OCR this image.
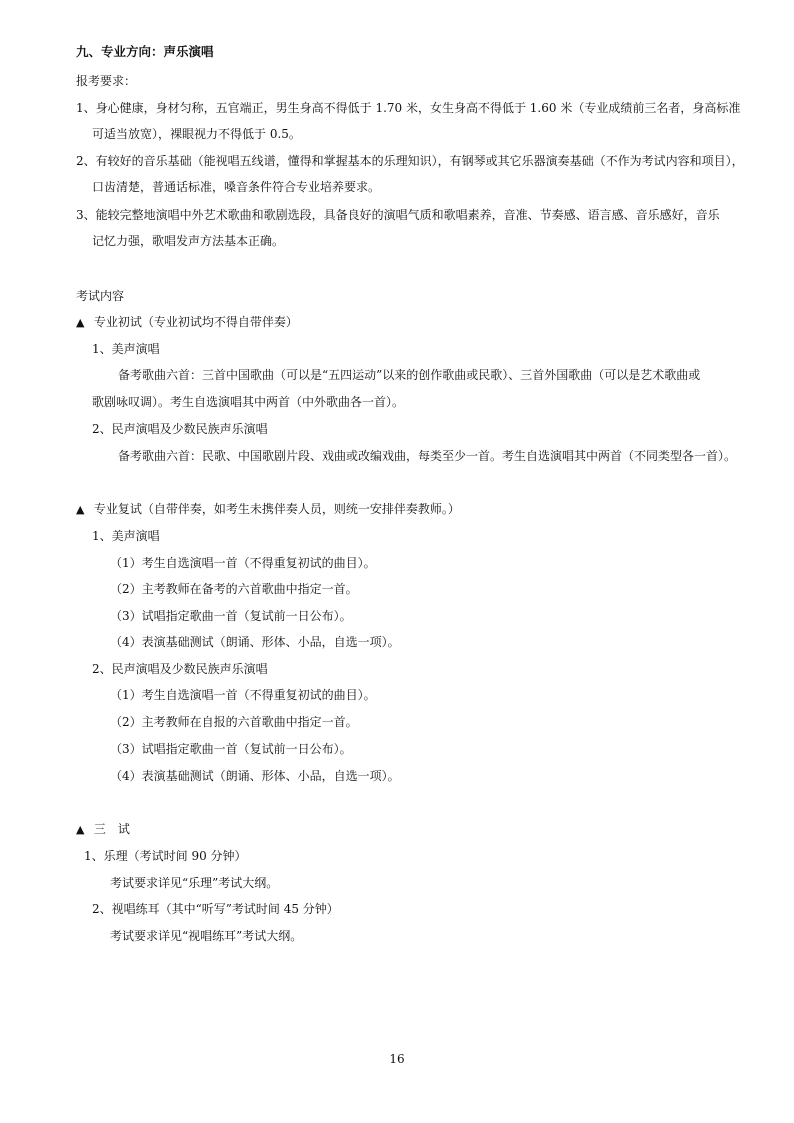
九、专业方向：声乐演唱
报考要求：
1、身心健康，身材匀称，五官端正，男生身高不得低于 1.70 米，女生身高不得低于 1.60 米（专业成绩前三名者，身高标准
可适当放宽），裸眼视力不得低于 0.5。
2、有较好的音乐基础（能视唱五线谱，懂得和掌握基本的乐理知识），有钢琴或其它乐器演奏基础（不作为考试内容和项目），
口齿清楚，普通话标准，嗓音条件符合专业培养要求。
3、能较完整地演唱中外艺术歌曲和歌剧选段，具备良好的演唱气质和歌唱素养，音准、节奏感、语言感、音乐感好，音乐
记忆力强，歌唱发声方法基本正确。
考试内容
▲ 专业初试（专业初试均不得自带伴奏）
1、美声演唱
备考歌曲六首：三首中国歌曲（可以是“五四运动”以来的创作歌曲或民歌）、三首外国歌曲（可以是艺术歌曲或
歌剧咏叹调）。考生自选演唱其中两首（中外歌曲各一首）。
2、民声演唱及少数民族声乐演唱
备考歌曲六首：民歌、中国歌剧片段、戏曲或改编戏曲，每类至少一首。考生自选演唱其中两首（不同类型各一首）。
▲ 专业复试（自带伴奏，如考生未携伴奏人员，则统一安排伴奏教师。）
1、美声演唱
（1）考生自选演唱一首（不得重复初试的曲目）。
（2）主考教师在备考的六首歌曲中指定一首。
（3）试唱指定歌曲一首（复试前一日公布）。
（4）表演基础测试（朗诵、形体、小品，自选一项）。
2、民声演唱及少数民族声乐演唱
（1）考生自选演唱一首（不得重复初试的曲目）。
（2）主考教师在自报的六首歌曲中指定一首。
（3）试唱指定歌曲一首（复试前一日公布）。
（4）表演基础测试（朗诵、形体、小品，自选一项）。
▲ 三　试
1、乐理（考试时间 90 分钟）
考试要求详见“乐理”考试大纲。
2、视唱练耳（其中“听写”考试时间 45 分钟）
考试要求详见“视唱练耳”考试大纲。
16
